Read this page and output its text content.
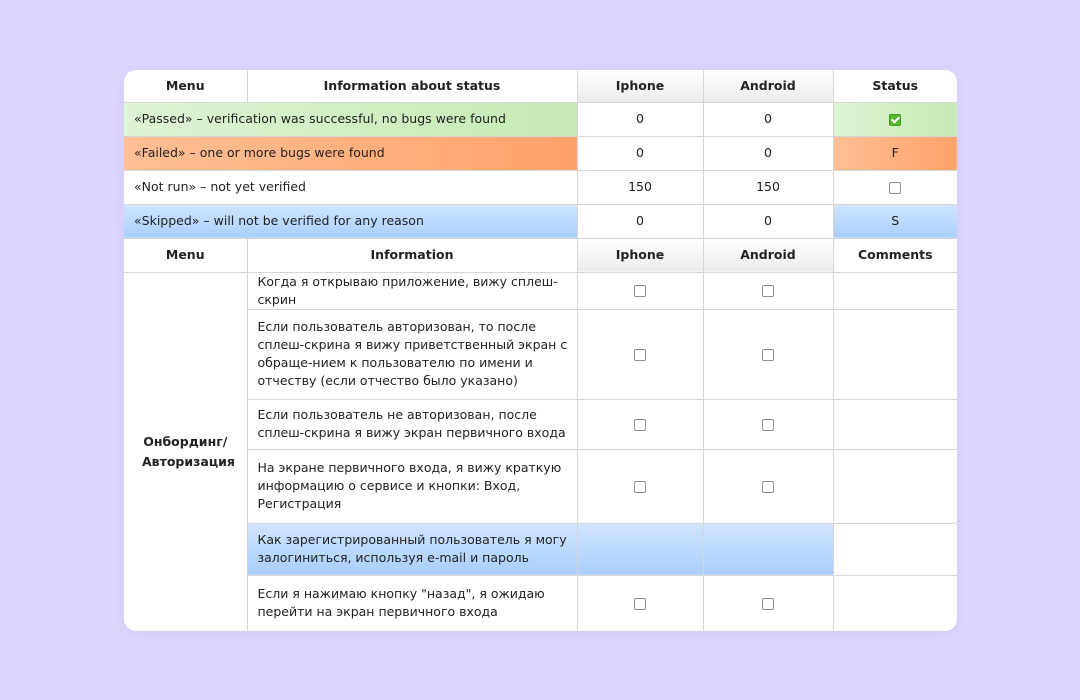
Menu	Information about status	Iphone	Android	Status
«Passed» – verification was successful, no bugs were found		0	0	
«Failed» – one or more bugs were found		0	0	F
«Not run» – not yet verified		150	150	
«Skipped» – will not be verified for any reason		0	0	S
Menu	Information	Iphone	Android	Comments
Онбординг/ Авторизация	Когда я открываю приложение, вижу сплеш-скрин			
	Если пользователь авторизован, то после сплеш-скрина я вижу приветственный экран с обраще-нием к пользователю по имени и отчеству (если отчество было указано)			
	Если пользователь не авторизован, после сплеш-скрина я вижу экран первичного входа			
	На экране первичного входа, я вижу краткую информацию о сервисе и кнопки: Вход, Регистрация			
	Как зарегистрированный пользователь я могу залогиниться, используя e-mail и пароль			
	Если я нажимаю кнопку "назад", я ожидаю перейти на экран первичного входа			
